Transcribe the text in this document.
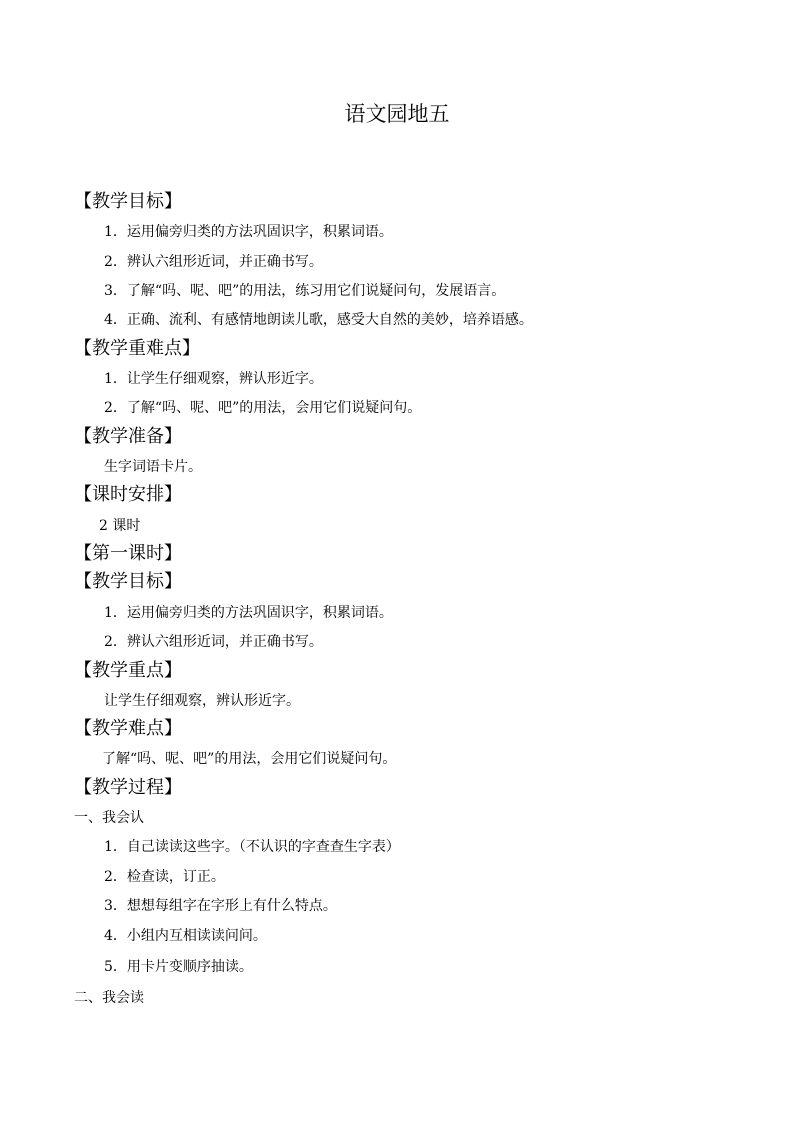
语文园地五
【教学目标】
1．运用偏旁归类的方法巩固识字，积累词语。
2．辨认六组形近词，并正确书写。
3．了解“吗、呢、吧”的用法，练习用它们说疑问句，发展语言。
4．正确、流利、有感情地朗读儿歌，感受大自然的美妙，培养语感。
【教学重难点】
1．让学生仔细观察，辨认形近字。
2．了解“吗、呢、吧”的用法，会用它们说疑问句。
【教学准备】
生字词语卡片。
【课时安排】
2 课时
【第一课时】
【教学目标】
1．运用偏旁归类的方法巩固识字，积累词语。
2．辨认六组形近词，并正确书写。
【教学重点】
让学生仔细观察，辨认形近字。
【教学难点】
了解“吗、呢、吧”的用法，会用它们说疑问句。
【教学过程】
一、我会认
1．自己读读这些字。（不认识的字查查生字表）
2．检查读，订正。
3．想想每组字在字形上有什么特点。
4．小组内互相读读问问。
5．用卡片变顺序抽读。
二、我会读
